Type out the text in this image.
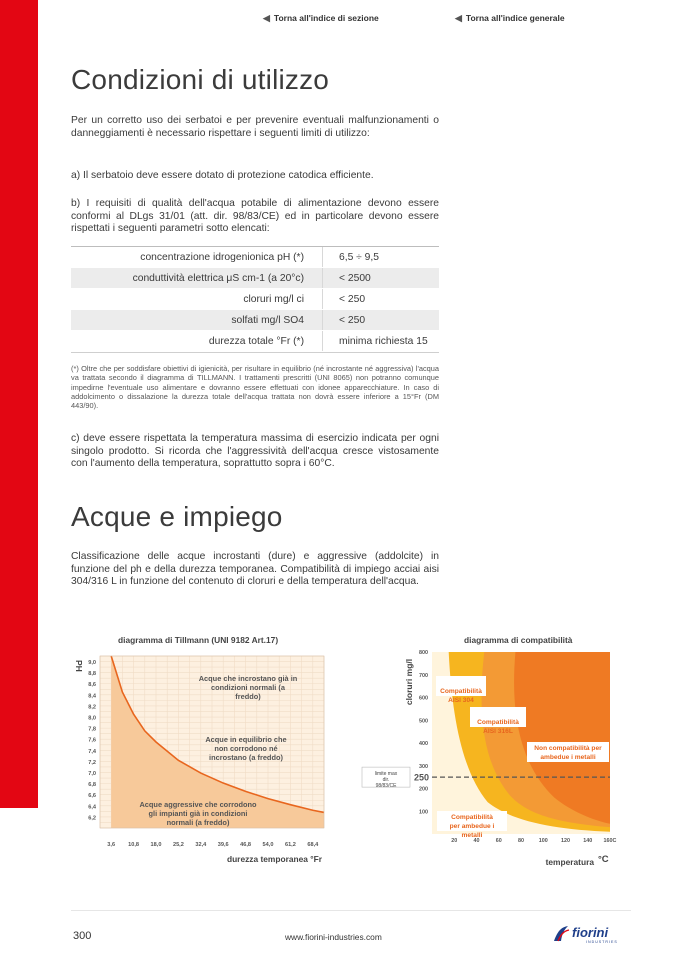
◀ Torna all'indice di sezione	◀ Torna all'indice generale
Condizioni di utilizzo

Per un corretto uso dei serbatoi e per prevenire eventuali malfunzionamenti o danneggiamenti è necessario rispettare i seguenti limiti di utilizzo:

a) Il serbatoio deve essere dotato di protezione catodica efficiente.

b) I requisiti di qualità dell'acqua potabile di alimentazione devono essere conformi al DLgs 31/01 (att. dir. 98/83/CE) ed in particolare devono essere rispettati i seguenti parametri sotto elencati:

concentrazione idrogenionica pH (*)	6,5 ÷ 9,5
conduttività elettrica μS cm-1 (a 20°c)	< 2500
cloruri mg/l ci	< 250
solfati mg/l SO4	< 250
durezza totale °Fr (*)	minima richiesta 15

(*) Oltre che per soddisfare obiettivi di igienicità, per risultare in equilibrio (né incrostante né aggressiva) l'acqua va trattata secondo il diagramma di TILLMANN. I trattamenti prescritti (UNI 8065) non potranno comunque impedirne l'eventuale uso alimentare e dovranno essere effettuati con idonee apparecchiature. In caso di addolcimento o dissalazione la durezza totale dell'acqua trattata non dovrà essere inferiore a 15°Fr (DM 443/90).

c) deve essere rispettata la temperatura massima di esercizio indicata per ogni singolo prodotto. Si ricorda che l'aggressività dell'acqua cresce vistosamente con l'aumento della temperatura, soprattutto sopra i 60°C.

Acque e impiego

Classificazione delle acque incrostanti (dure) e aggressive (addolcite) in funzione del ph e della durezza temporanea. Compatibilità di impiego acciai aisi 304/316 L in funzione del contenuto di cloruri e della temperatura dell'acqua.

diagramma di Tillmann (UNI 9182 Art.17)
9,0
8,8
8,6
8,4
8,2
8,0
7,8
7,6
7,4
7,2
7,0
6,8
6,6
6,4
6,2
3,6 10,8 18,0 25,2 32,4 39,6 46,8 54,0 61,2 68,4
PH
durezza temporanea °Fr
Acque che incrostano già in condizioni normali (a freddo)
Acque in equilibrio che non corrodono né incrostano (a freddo)
Acque aggressive che corrodono gli impianti già in condizioni normali (a freddo)
diagramma di compatibilità
100
200
300
400
500
600
700
800
250
limite max dir. 98/83/CE
20	40	60	80	100 120 140 160C
cloruri mg/l
temperatura °C
Compatibilità AISI 304
Compatibilità AISI 316L
Non compatibilità per ambedue i metalli
Compatibilità per ambedue i metalli
300	www.fiorini-industries.com	fiorini
INDUSTRIES
